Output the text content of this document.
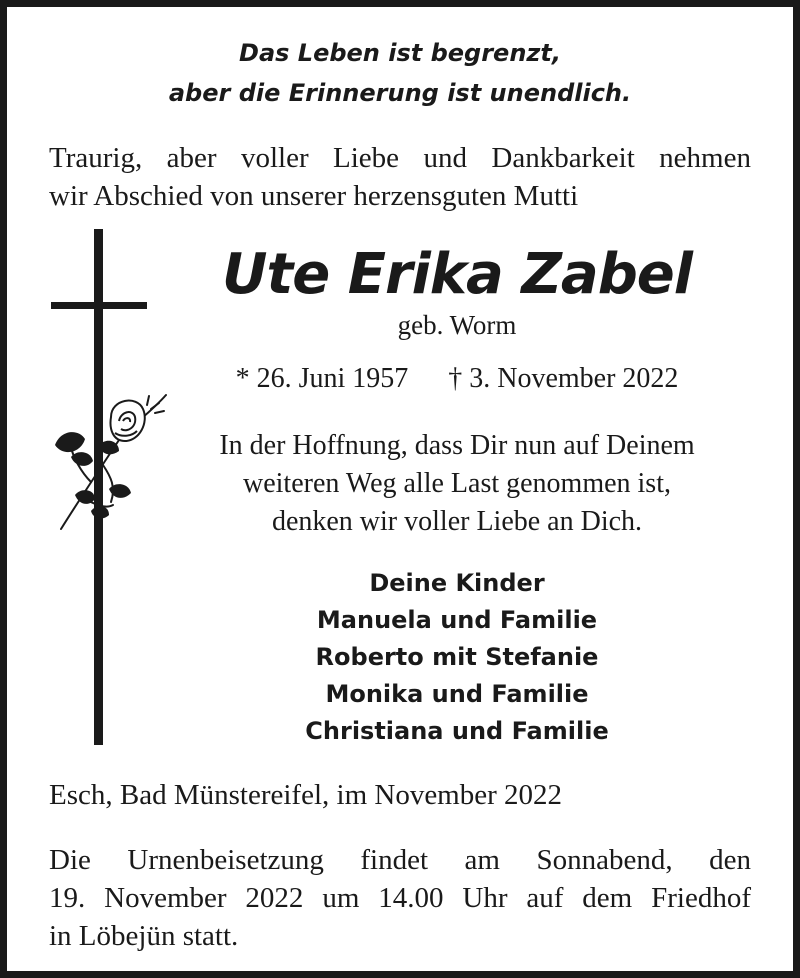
Das Leben ist begrenzt,
aber die Erinnerung ist unendlich.
Traurig, aber voller Liebe und Dankbarkeit nehmen
wir Abschied von unserer herzensguten Mutti
Ute Erika Zabel
geb. Worm
* 26. Juni 1957 † 3. November 2022
In der Hoffnung, dass Dir nun auf Deinem
weiteren Weg alle Last genommen ist,
denken wir voller Liebe an Dich.
Deine Kinder
Manuela und Familie
Roberto mit Stefanie
Monika und Familie
Christiana und Familie
Esch, Bad Münstereifel, im November 2022
Die Urnenbeisetzung findet am Sonnabend, den
19. November 2022 um 14.00 Uhr auf dem Friedhof
in Löbejün statt.
